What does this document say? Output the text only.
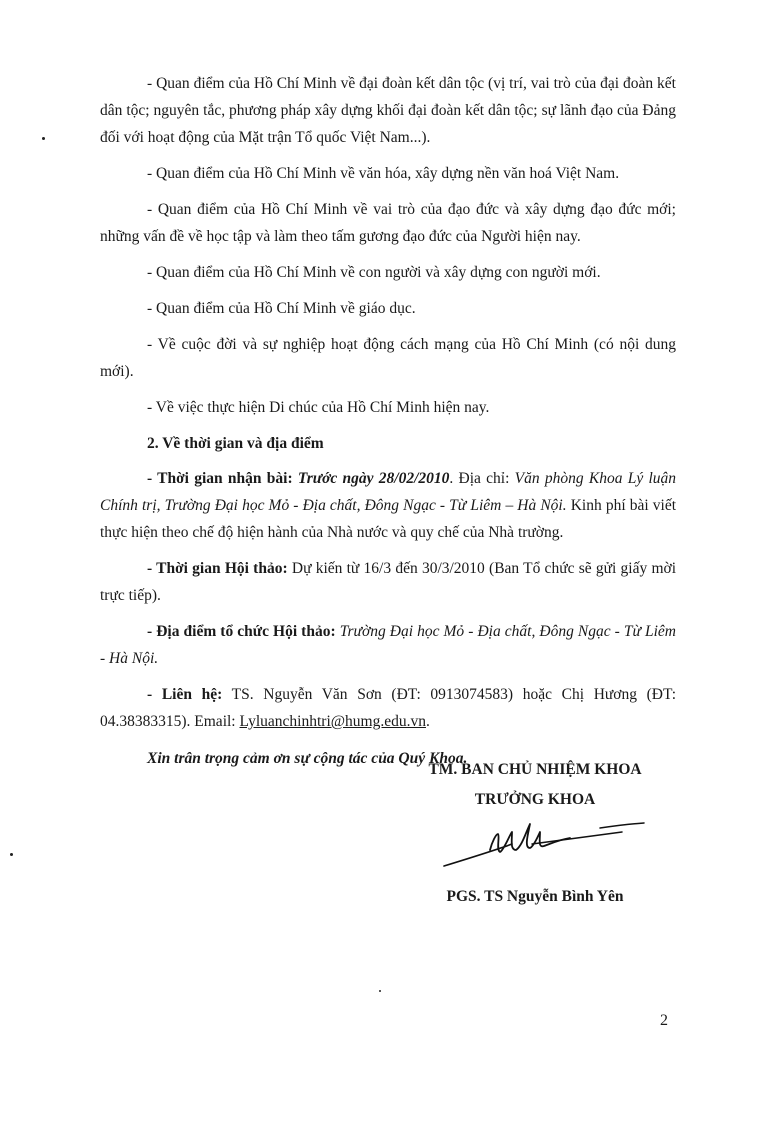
- Quan điểm của Hồ Chí Minh về đại đoàn kết dân tộc (vị trí, vai trò của đại đoàn kết dân tộc; nguyên tắc, phương pháp xây dựng khối đại đoàn kết dân tộc; sự lãnh đạo của Đảng đối với hoạt động của Mặt trận Tổ quốc Việt Nam...).

- Quan điểm của Hồ Chí Minh về văn hóa, xây dựng nền văn hoá Việt Nam.

- Quan điểm của Hồ Chí Minh về vai trò của đạo đức và xây dựng đạo đức mới; những vấn đề về học tập và làm theo tấm gương đạo đức của Người hiện nay.

- Quan điểm của Hồ Chí Minh về con người và xây dựng con người mới.

- Quan điểm của Hồ Chí Minh về giáo dục.

- Về cuộc đời và sự nghiệp hoạt động cách mạng của Hồ Chí Minh (có nội dung mới).

- Về việc thực hiện Di chúc của Hồ Chí Minh hiện nay.

2. Về thời gian và địa điểm

- Thời gian nhận bài: Trước ngày 28/02/2010. Địa chỉ: Văn phòng Khoa Lý luận Chính trị, Trường Đại học Mỏ - Địa chất, Đông Ngạc - Từ Liêm – Hà Nội. Kinh phí bài viết thực hiện theo chế độ hiện hành của Nhà nước và quy chế của Nhà trường.

- Thời gian Hội thảo: Dự kiến từ 16/3 đến 30/3/2010 (Ban Tổ chức sẽ gửi giấy mời trực tiếp).

- Địa điểm tổ chức Hội thảo: Trường Đại học Mỏ - Địa chất, Đông Ngạc - Từ Liêm - Hà Nội.

- Liên hệ: TS. Nguyễn Văn Sơn (ĐT: 0913074583) hoặc Chị Hương (ĐT: 04.38383315). Email: Lyluanchinhtri@humg.edu.vn.

Xin trân trọng cảm ơn sự cộng tác của Quý Khoa.

TM. BAN CHỦ NHIỆM KHOA
TRƯỞNG KHOA
PGS. TS Nguyễn Bình Yên
2
